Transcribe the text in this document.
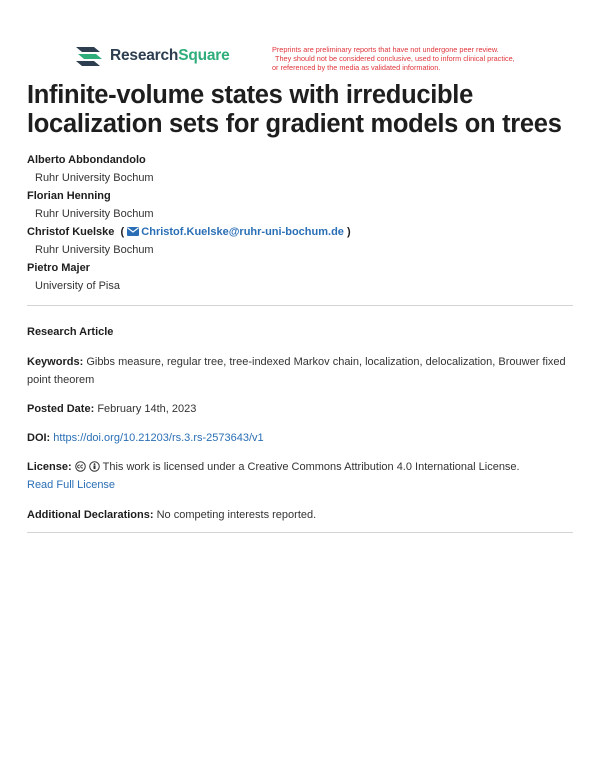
ResearchSquare	Preprints are preliminary reports that have not undergone peer review.
They should not be considered conclusive, used to inform clinical practice,
or referenced by the media as validated information.
Infinite-volume states with irreducible localization sets for gradient models on trees
Alberto Abbondandolo
Ruhr University Bochum
Florian Henning
Ruhr University Bochum
Christof Kuelske  ( Christof.Kuelske@ruhr-uni-bochum.de )
Ruhr University Bochum
Pietro Majer
University of Pisa
Research Article
Keywords: Gibbs measure, regular tree, tree-indexed Markov chain, localization, delocalization, Brouwer fixed point theorem
Posted Date: February 14th, 2023
DOI: https://doi.org/10.21203/rs.3.rs-2573643/v1
License:	This work is licensed under a Creative Commons Attribution 4.0 International License.
Read Full License
Additional Declarations: No competing interests reported.
